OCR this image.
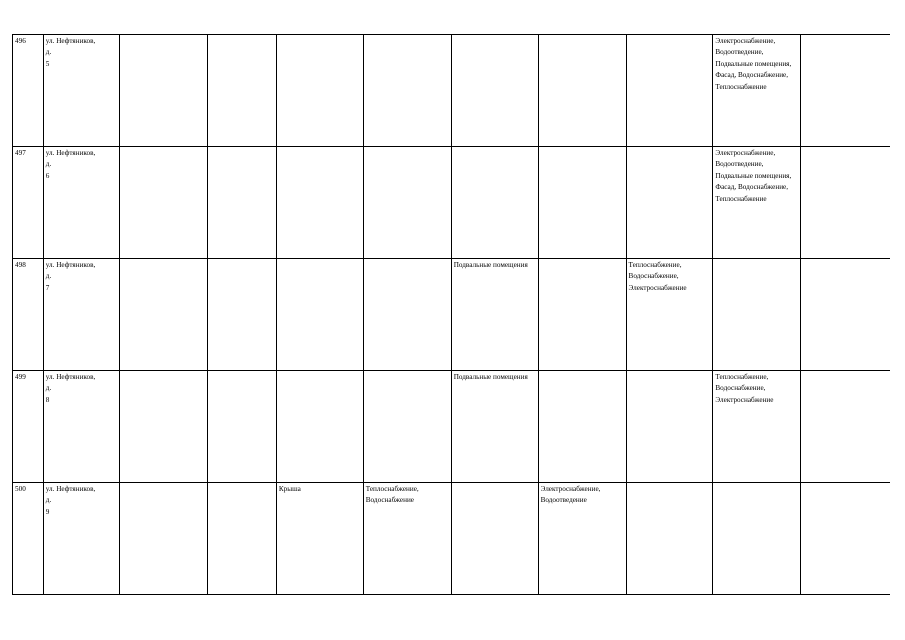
496	ул. Нефтяников,
д.
5								Электроснабжение, Водоотведение, Подвальные помещения, Фасад, Водоснабжение, Теплоснабжение	

497	ул. Нефтяников,
д.
6								Электроснабжение, Водоотведение, Подвальные помещения, Фасад, Водоснабжение, Теплоснабжение	

498	ул. Нефтяников,
д.
7					Подвальные помещения		Теплоснабжение, Водоснабжение, Электроснабжение		

499	ул. Нефтяников,
д.
8					Подвальные помещения			Теплоснабжение, Водоснабжение, Электроснабжение	

500	ул. Нефтяников,
д.
9			Крыша	Теплоснабжение, Водоснабжение		Электроснабжение, Водоотведение			
